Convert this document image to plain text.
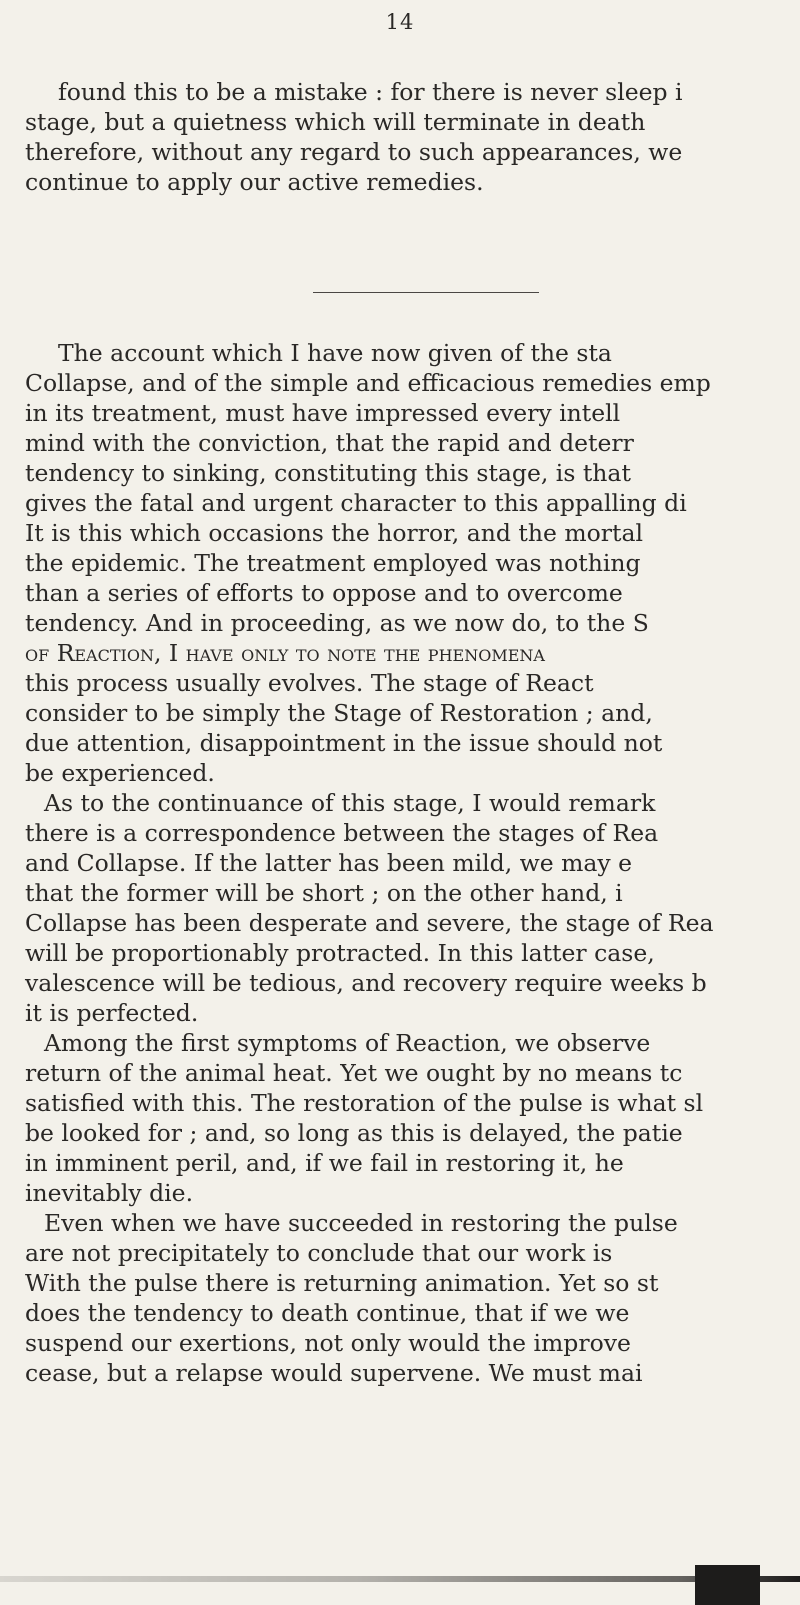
14
found this to be a mistake : for there is never sleep i
stage, but a quietness which will terminate in death
therefore, without any regard to such appearances, we
continue to apply our active remedies.
The account which I have now given of the sta
Collapse, and of the simple and efficacious remedies emp
in its treatment, must have impressed every intell
mind with the conviction, that the rapid and deterr
tendency to sinking, constituting this stage, is that
gives the fatal and urgent character to this appalling di
It is this which occasions the horror, and the mortal
the epidemic. The treatment employed was nothing
than a series of efforts to oppose and to overcome
tendency. And in proceeding, as we now do, to the S
of Reaction, I have only to note the phenomena
this process usually evolves. The stage of React
consider to be simply the Stage of Restoration ; and,
due attention, disappointment in the issue should not
be experienced.
As to the continuance of this stage, I would remark
there is a correspondence between the stages of Rea
and Collapse. If the latter has been mild, we may e
that the former will be short ; on the other hand, i
Collapse has been desperate and severe, the stage of Rea
will be proportionably protracted. In this latter case,
valescence will be tedious, and recovery require weeks b
it is perfected.
Among the first symptoms of Reaction, we observe
return of the animal heat. Yet we ought by no means tc
satisfied with this. The restoration of the pulse is what sl
be looked for ; and, so long as this is delayed, the patie
in imminent peril, and, if we fail in restoring it, he
inevitably die.
Even when we have succeeded in restoring the pulse
are not precipitately to conclude that our work is
With the pulse there is returning animation. Yet so st
does the tendency to death continue, that if we we
suspend our exertions, not only would the improve
cease, but a relapse would supervene. We must mai
